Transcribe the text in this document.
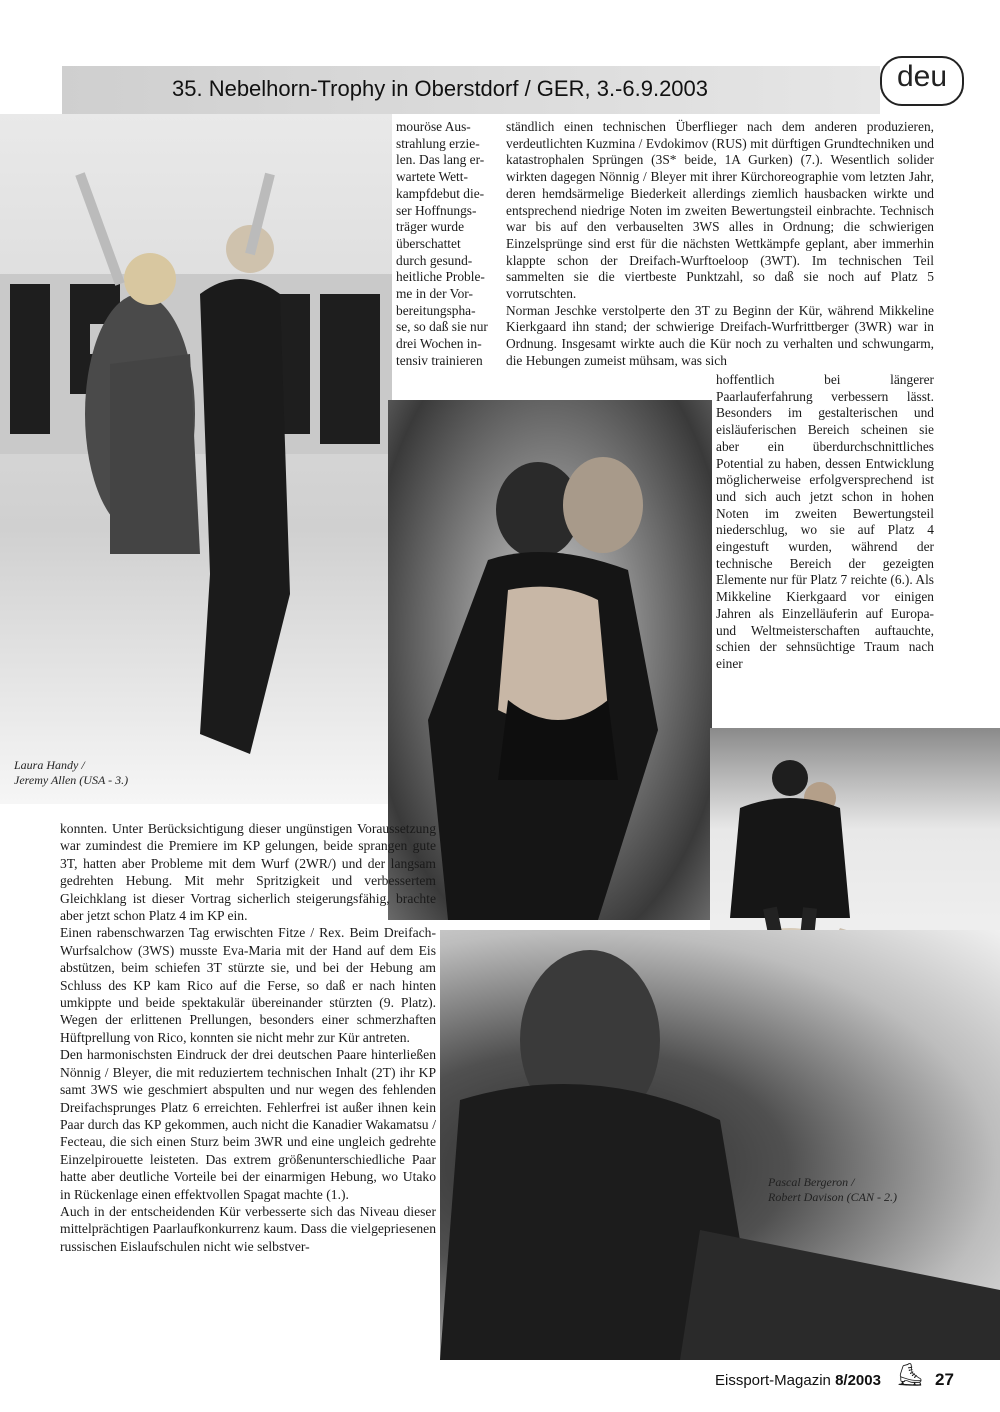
35. Nebelhorn-Trophy in Oberstdorf / GER, 3.-6.9.2003	deu
Laura Handy /
Jeremy Allen (USA - 3.)
mouröse Aus-
strahlung erzie-
len. Das lang er-
wartete Wett-
kampfdebut die-
ser Hoffnungs-
träger wurde
überschattet
durch gesund-
heitliche Proble-
me in der Vor-
bereitungspha-
se, so daß sie nur
drei Wochen in-
tensiv trainieren

ständlich einen technischen Überflieger nach dem anderen produzieren, verdeutlichten Kuzmina / Evdokimov (RUS) mit dürftigen Grundtechniken und katastrophalen Sprüngen (3S* beide, 1A Gurken) (7.). Wesentlich solider wirkten dagegen Nönnig / Bleyer mit ihrer Kürchoreographie vom letzten Jahr, deren hemdsärmelige Biederkeit allerdings ziemlich hausbacken wirkte und entsprechend niedrige Noten im zweiten Bewertungsteil einbrachte. Technisch war bis auf den verbauselten 3WS alles in Ordnung; die schwierigen Einzelsprünge sind erst für die nächsten Wettkämpfe geplant, aber immerhin klappte schon der Dreifach-Wurftoeloop (3WT). Im technischen Teil sammelten sie die viertbeste Punktzahl, so daß sie noch auf Platz 5 vorrutschten.

Norman Jeschke verstolperte den 3T zu Beginn der Kür, während Mikkeline Kierkgaard ihn stand; der schwierige Dreifach-Wurfrittberger (3WR) war in Ordnung. Insgesamt wirkte auch die Kür noch zu verhalten und schwungarm, die Hebungen zumeist mühsam, was sich

hoffentlich bei längerer Paarlauferfahrung verbessern lässt. Besonders im gestalterischen und eisläuferischen Bereich scheinen sie aber ein überdurchschnittliches Potential zu haben, dessen Entwicklung möglicherweise erfolgversprechend ist und sich auch jetzt schon in hohen Noten im zweiten Bewertungsteil niederschlug, wo sie auf Platz 4 eingestuft wurden, während der technische Bereich der gezeigten Elemente nur für Platz 7 reichte (6.). Als Mikkeline Kierkgaard vor einigen Jahren als Einzelläuferin auf Europa- und Weltmeisterschaften auftauchte, schien der sehnsüchtige Traum nach einer

Pascal Bergeron /
Robert Davison (CAN - 2.)

konnten. Unter Berücksichtigung dieser ungünstigen Voraussetzung war zumindest die Premiere im KP gelungen, beide sprangen gute 3T, hatten aber Probleme mit dem Wurf (2WR/) und der langsam gedrehten Hebung. Mit mehr Spritzigkeit und verbessertem Gleichklang ist dieser Vortrag sicherlich steigerungsfähig, brachte aber jetzt schon Platz 4 im KP ein.

Einen rabenschwarzen Tag erwischten Fitze / Rex. Beim Dreifach-Wurfsalchow (3WS) musste Eva-Maria mit der Hand auf dem Eis abstützen, beim schiefen 3T stürzte sie, und bei der Hebung am Schluss des KP kam Rico auf die Ferse, so daß er nach hinten umkippte und beide spektakulär übereinander stürzten (9. Platz). Wegen der erlittenen Prellungen, besonders einer schmerzhaften Hüftprellung von Rico, konnten sie nicht mehr zur Kür antreten.

Den harmonischsten Eindruck der drei deutschen Paare hinterließen Nönnig / Bleyer, die mit reduziertem technischen Inhalt (2T) ihr KP samt 3WS wie geschmiert abspulten und nur wegen des fehlenden Dreifachsprunges Platz 6 erreichten. Fehlerfrei ist außer ihnen kein Paar durch das KP gekommen, auch nicht die Kanadier Wakamatsu / Fecteau, die sich einen Sturz beim 3WR und eine ungleich gedrehte Einzelpirouette leisteten. Das extrem größenunterschiedliche Paar hatte aber deutliche Vorteile bei der einarmigen Hebung, wo Utako in Rückenlage einen effektvollen Spagat machte (1.).

Auch in der entscheidenden Kür verbesserte sich das Niveau dieser mittelprächtigen Paarlaufkonkurrenz kaum. Dass die vielgepriesenen russischen Eislaufschulen nicht wie selbstver-

Eissport-Magazin 8/2003 ⛸ 27
